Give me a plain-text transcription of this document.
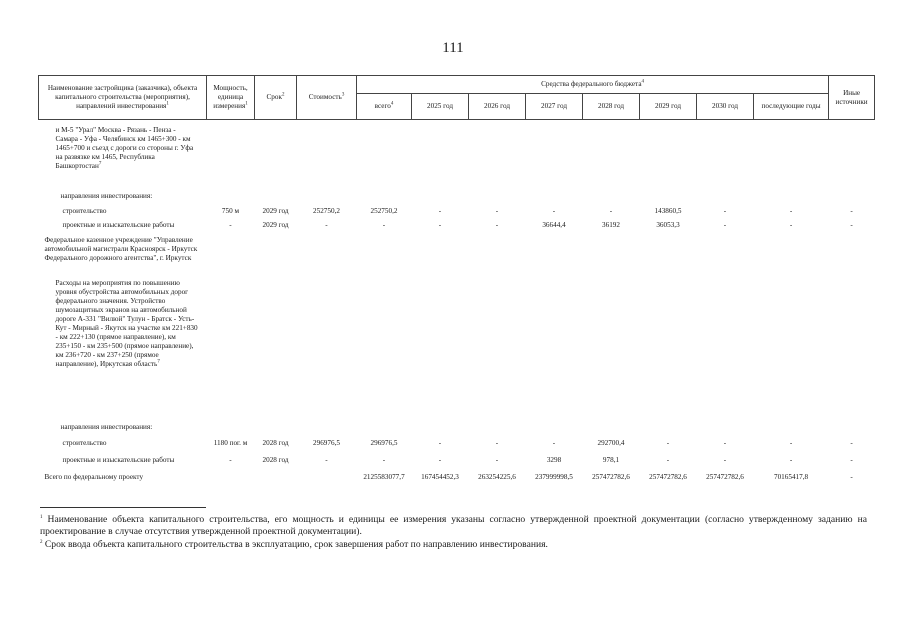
111
Наименование застройщика (заказчика), объекта капитального строительства (мероприятия), направлений инвестирования$^1$	Мощность, единица измерения$^1$	Срок$^2$	Стоимость$^3$	Средства федерального бюджета$^4$								Иные источники
				всего$^4$	2025 год	2026 год	2027 год	2028 год	2029 год	2030 год	последующие годы	

и М-5 "Урал" Москва - Рязань - Пенза - Самара - Уфа - Челябинск км 1465+300 - км 1465+700 и съезд с дороги со стороны г. Уфа на развязке км 1465, Республика Башкортостан$^7$	
направления инвестирования:												
строительство	750 м	2029 год	252750,2	252750,2	-	-	-	-	143860,5	-	-	-
проектные и изыскательские работы	-	2029 год	-	-	-	-	36644,4	36192	36053,3	-	-	-
Федеральное казенное учреждение "Управление автомобильной магистрали Красноярск - Иркутск Федерального дорожного агентства", г. Иркутск												
Расходы на мероприятия по повышению уровня обустройства автомобильных дорог федерального значения. Устройство шумозащитных экранов на автомобильной дороге А-331 "Вилюй" Тулун - Братск - Усть-Кут - Мирный - Якутск на участке км 221+830 - км 222+130 (прямое направление), км 235+150 - км 235+500 (прямое направление), км 236+720 - км 237+250 (прямое направление), Иркутская область$^7$	
направления инвестирования:												
строительство	1180 пог. м	2028 год	296976,5	296976,5	-	-	-	292700,4	-	-	-	-
проектные и изыскательские работы	-	2028 год	-	-	-	-	3298	978,1	-	-	-	-
Всего по федеральному проекту				2125583077,7	167454452,3	263254225,6	237999998,5	257472782,6	257472782,6	257472782,6	70165417,8	-

$^1$ Наименование объекта капитального строительства, его мощность и единицы ее измерения указаны согласно утвержденной проектной документации (согласно утвержденному заданию на проектирование в случае отсутствия утвержденной проектной документации).

$^2$ Срок ввода объекта капитального строительства в эксплуатацию, срок завершения работ по направлению инвестирования.
